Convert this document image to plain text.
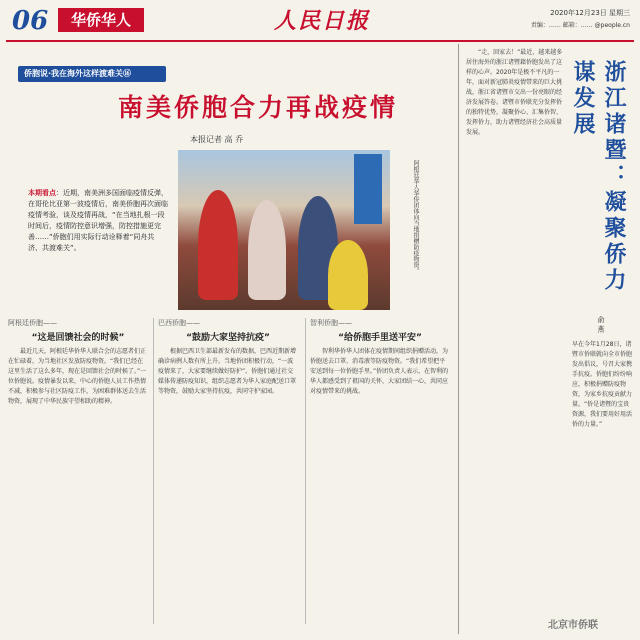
06	华侨华人	人民日报	2020年12月23日 星期三
责编：…… 邮箱：…… @people.cn
侨胞说·我在海外这样渡难关⑯
南美侨胞合力再战疫情
本报记者 高 乔
本期看点：近期，南美洲多国面临疫情反弹，在哥伦比亚第一波疫情后，南美侨胞再次面临疫情考验，谈及疫情再战，“在当地扎根一段时间后，疫情防控意识增强，防控措施更完善……”侨胞们用实际行动诠释着“同舟共济、共渡难关”。	阿根廷华人华侨团体向当地捐赠防疫物资。
阿根廷侨胞——
“这是回馈社会的时候”
最近几天，阿根廷华侨华人联合会的志愿者们正在忙碌着，为当地社区发放防疫物资。“我们已经在这里生活了这么多年，现在是回馈社会的时候了。”一位侨胞说。疫情暴发以来，中心的侨胞人员工作热情不减，积极参与社区防疫工作，为困难群体送去生活物资，展现了中华民族守望相助的精神。
巴西侨胞——
“鼓励大家坚持抗疫”
根据巴西卫生部最新发布的数据，巴西近期新增确诊病例人数有所上升。当地侨团积极行动，“一波疫情来了，大家要继续做好防护”。侨胞们通过社交媒体传递防疫知识，组织志愿者为华人家庭配送口罩等物资，鼓励大家坚持抗疫，共同守护家园。
智利侨胞——
“给侨胞手里送平安”
智利华侨华人团体在疫情期间组织捐赠活动，为侨胞送去口罩、消毒液等防疫物资。“我们希望把平安送到每一位侨胞手里。”侨团负责人表示，在智利的华人都感受到了祖国的关怀，大家团结一心，共同应对疫情带来的挑战。
“走，回家去！”最近，越来越多居住海外的浙江诸暨籍侨胞发出了这样的心声。2020年是极不平凡的一年，面对新冠肺炎疫情带来的巨大挑战，浙江省诸暨市交出一份亮眼的经济发展答卷。诸暨市侨联充分发挥侨的独特优势，凝聚侨心、汇集侨智、发挥侨力，助力诸暨经济社会高质量发展。	浙江诸暨：凝聚侨力谋发展
俞 燕
早在今年1月28日，诸暨市侨联就向全市侨胞发出倡议，号召大家携手抗疫。侨胞们纷纷响应，积极捐赠防疫物资，为家乡抗疫贡献力量。“侨是诸暨的宝贵资源，我们要用好用活侨的力量。”
北京市侨联
